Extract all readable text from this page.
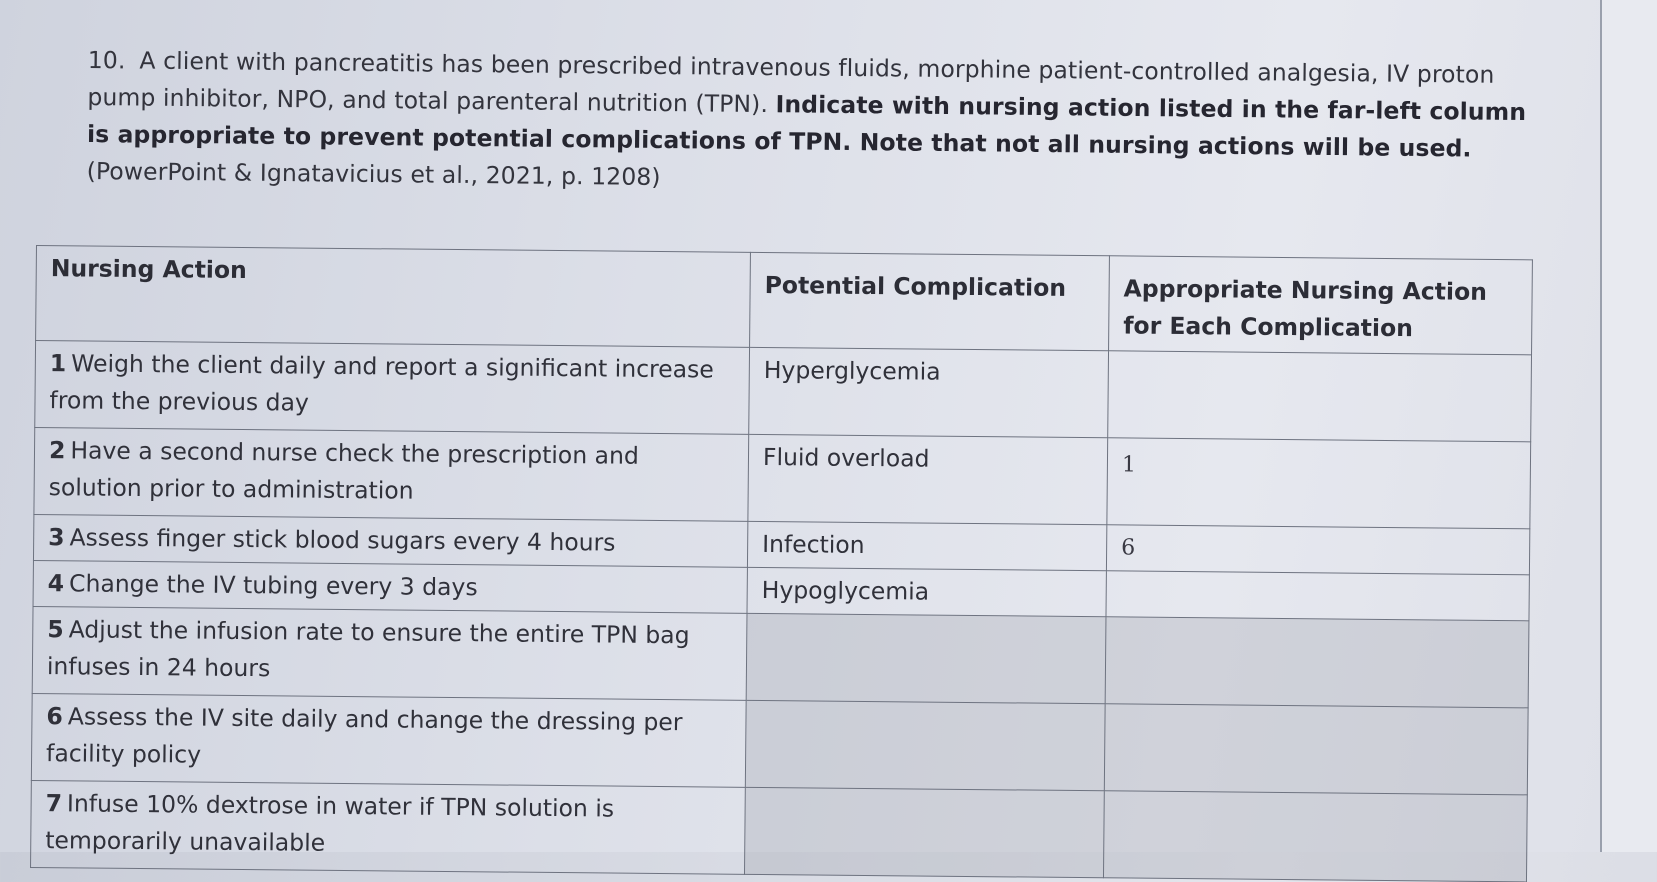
10. A client with pancreatitis has been prescribed intravenous fluids, morphine patient-controlled analgesia, IV proton pump inhibitor, NPO, and total parenteral nutrition (TPN). Indicate with nursing action listed in the far-left column is appropriate to prevent potential complications of TPN. Note that not all nursing actions will be used.
(PowerPoint & Ignatavicius et al., 2021, p. 1208)
Nursing Action	Potential Complication	Appropriate Nursing Action for Each Complication
1 Weigh the client daily and report a significant increase from the previous day	Hyperglycemia	
2 Have a second nurse check the prescription and solution prior to administration	Fluid overload	1
3 Assess finger stick blood sugars every 4 hours	Infection	6
4 Change the IV tubing every 3 days	Hypoglycemia	
5 Adjust the infusion rate to ensure the entire TPN bag infuses in 24 hours		
6 Assess the IV site daily and change the dressing per facility policy		
7 Infuse 10% dextrose in water if TPN solution is temporarily unavailable		
